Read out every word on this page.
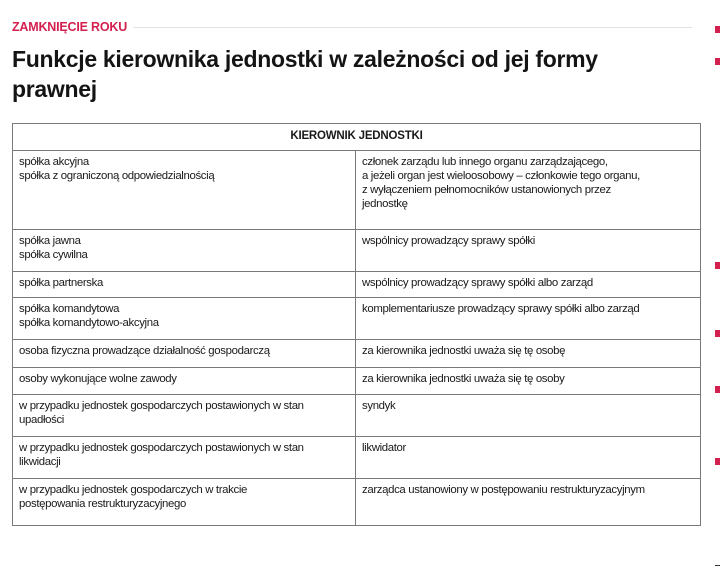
ZAMKNIĘCIE ROKU
Funkcje kierownika jednostki w zależności od jej formy prawnej
KIEROWNIK JEDNOSTKI	

spółka akcyjna
spółka z ograniczoną odpowiedzialnością	członek zarządu lub innego organu zarządzającego,
a jeżeli organ jest wieloosobowy – członkowie tego organu,
z wyłączeniem pełnomocników ustanowionych przez
jednostkę

spółka jawna
spółka cywilna	wspólnicy prowadzący sprawy spółki

spółka partnerska	wspólnicy prowadzący sprawy spółki albo zarząd

spółka komandytowa
spółka komandytowo-akcyjna	komplementariusze prowadzący sprawy spółki albo zarząd

osoba fizyczna prowadzące działalność gospodarczą	za kierownika jednostki uważa się tę osobę

osoby wykonujące wolne zawody	za kierownika jednostki uważa się tę osoby

w przypadku jednostek gospodarczych postawionych w stan
upadłości	syndyk

w przypadku jednostek gospodarczych postawionych w stan
likwidacji	likwidator

w przypadku jednostek gospodarczych w trakcie
postępowania restrukturyzacyjnego	zarządca ustanowiony w postępowaniu restrukturyzacyjnym
